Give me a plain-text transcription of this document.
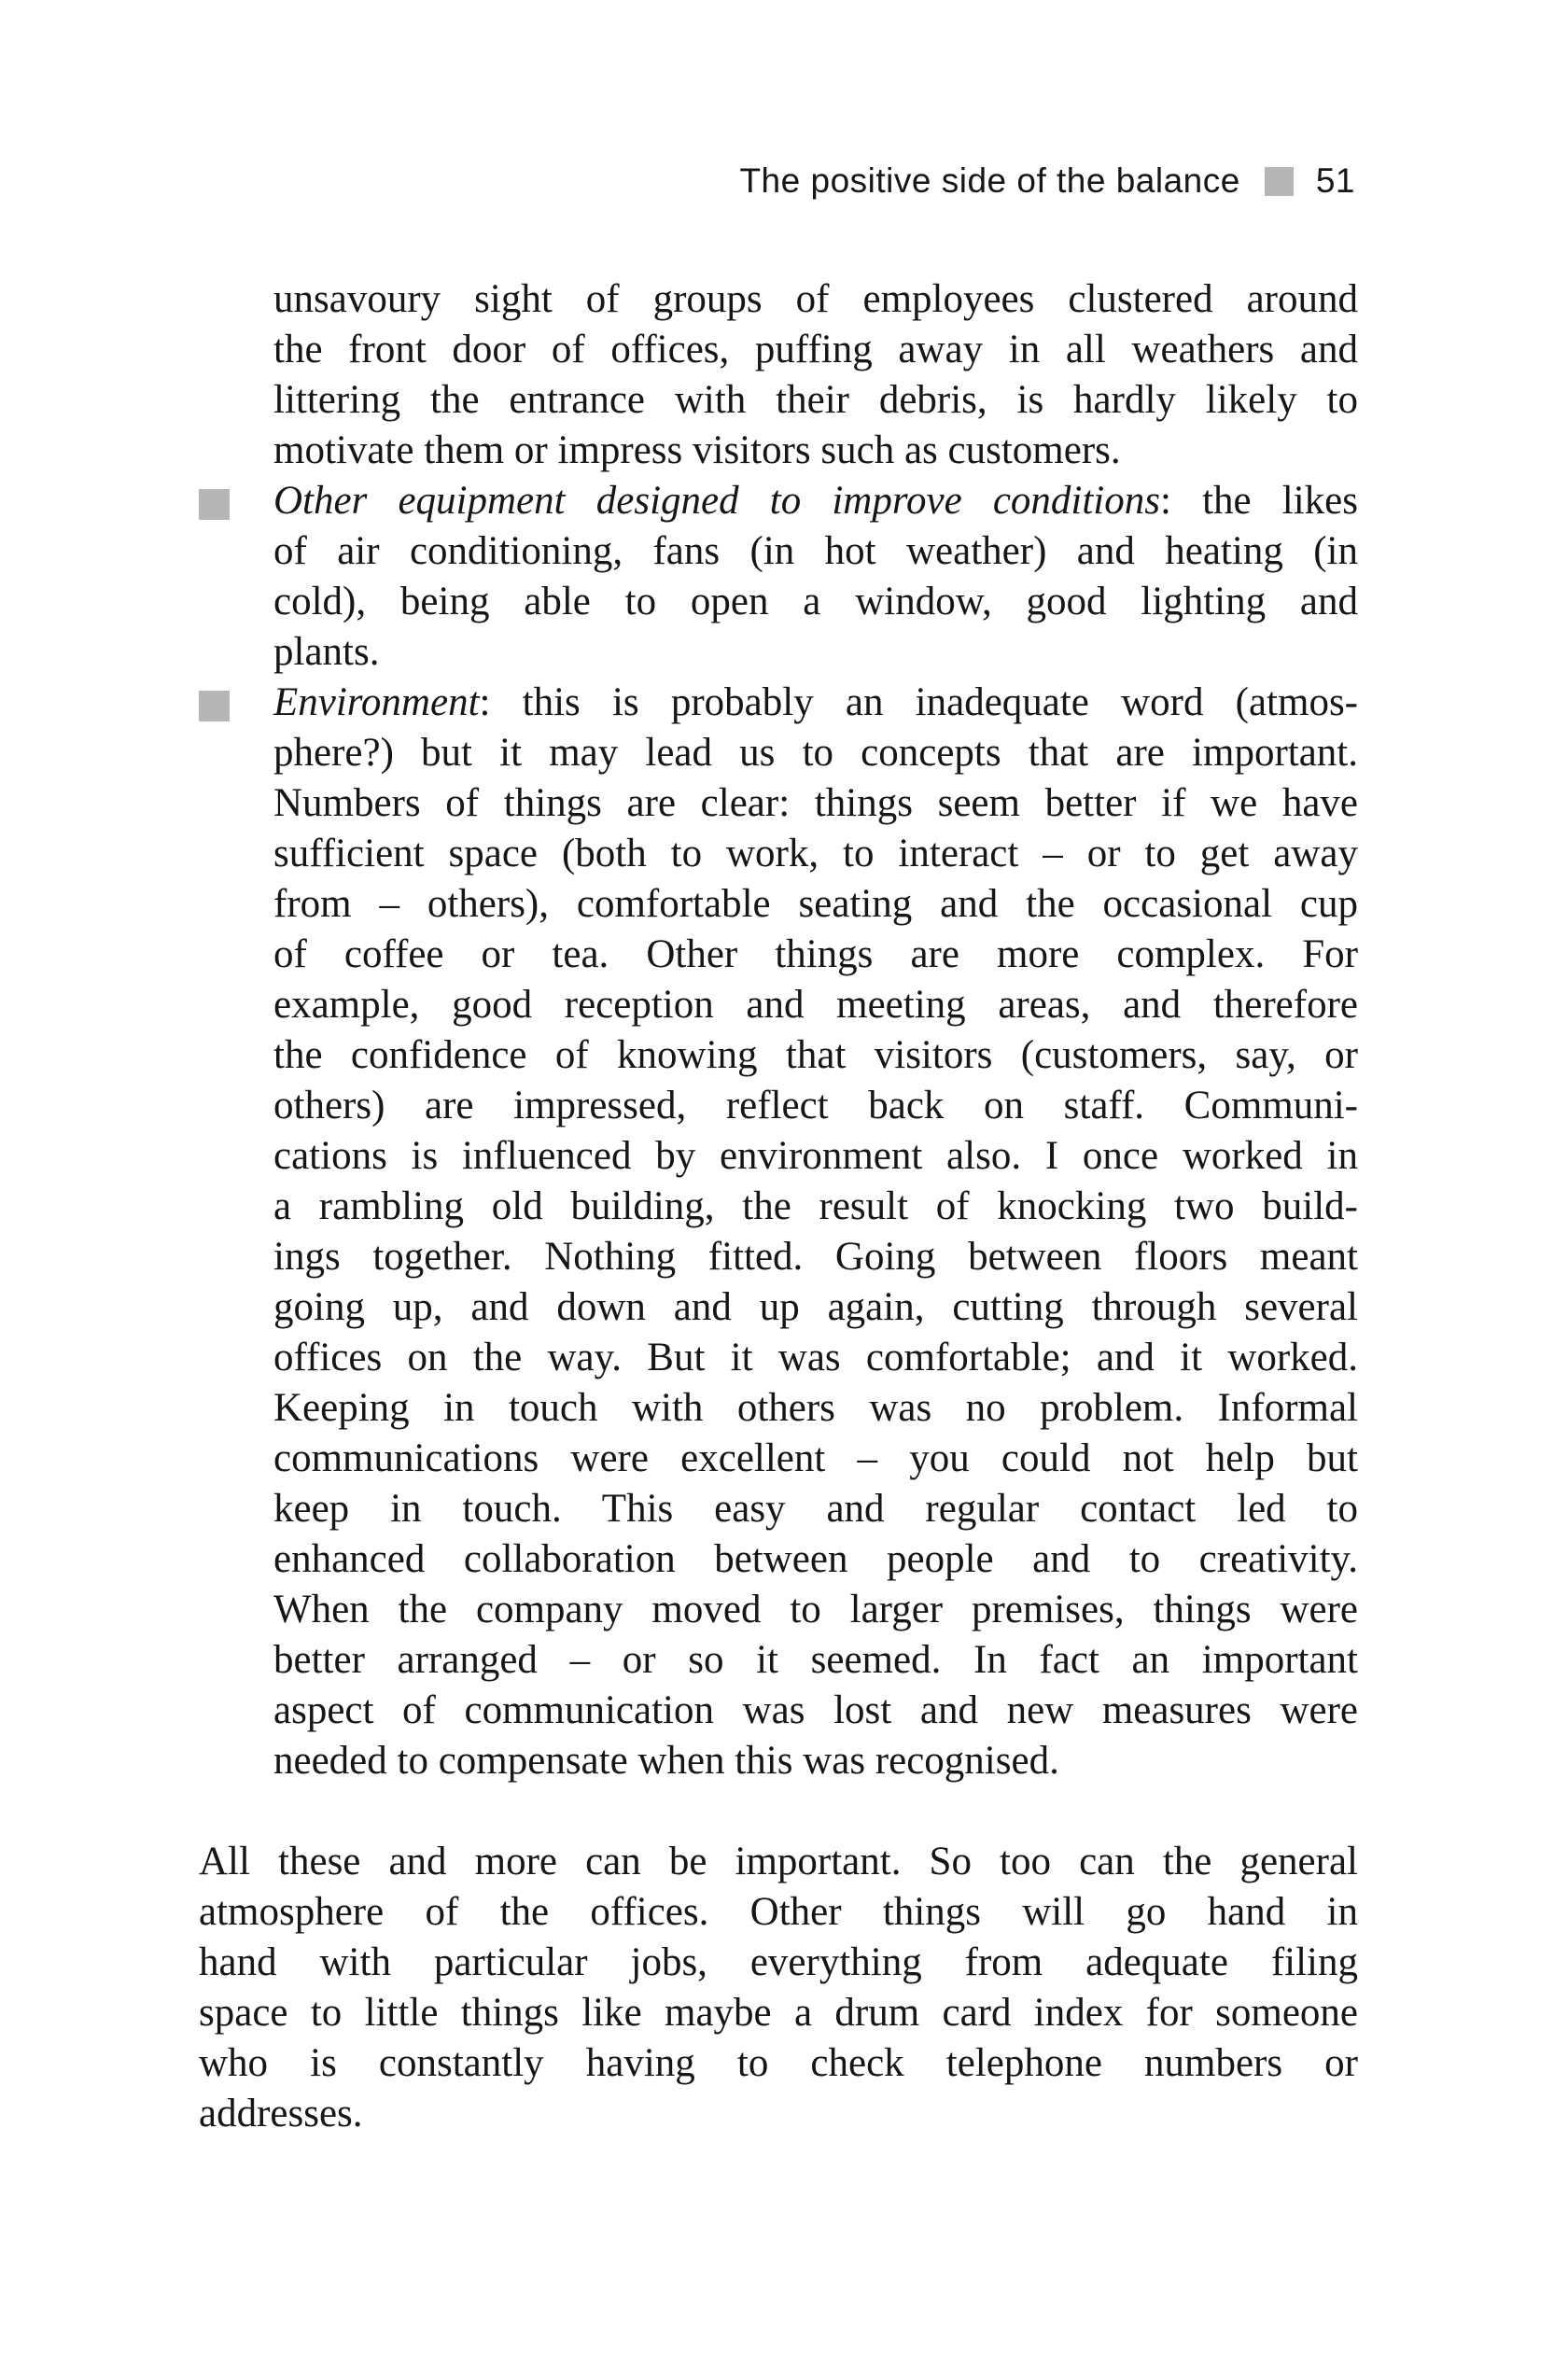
The positive side of the balance 51
unsavoury sight of groups of employees clustered around
the front door of offices, puffing away in all weathers and
littering the entrance with their debris, is hardly likely to
motivate them or impress visitors such as customers.
Other equipment designed to improve conditions: the likes
of air conditioning, fans (in hot weather) and heating (in
cold), being able to open a window, good lighting and
plants.
Environment: this is probably an inadequate word (atmos-
phere?) but it may lead us to concepts that are important.
Numbers of things are clear: things seem better if we have
sufficient space (both to work, to interact – or to get away
from – others), comfortable seating and the occasional cup
of coffee or tea. Other things are more complex. For
example, good reception and meeting areas, and therefore
the confidence of knowing that visitors (customers, say, or
others) are impressed, reflect back on staff. Communi-
cations is influenced by environment also. I once worked in
a rambling old building, the result of knocking two build-
ings together. Nothing fitted. Going between floors meant
going up, and down and up again, cutting through several
offices on the way. But it was comfortable; and it worked.
Keeping in touch with others was no problem. Informal
communications were excellent – you could not help but
keep in touch. This easy and regular contact led to
enhanced collaboration between people and to creativity.
When the company moved to larger premises, things were
better arranged – or so it seemed. In fact an important
aspect of communication was lost and new measures were
needed to compensate when this was recognised.
All these and more can be important. So too can the general
atmosphere of the offices. Other things will go hand in
hand with particular jobs, everything from adequate filing
space to little things like maybe a drum card index for someone
who is constantly having to check telephone numbers or
addresses.
